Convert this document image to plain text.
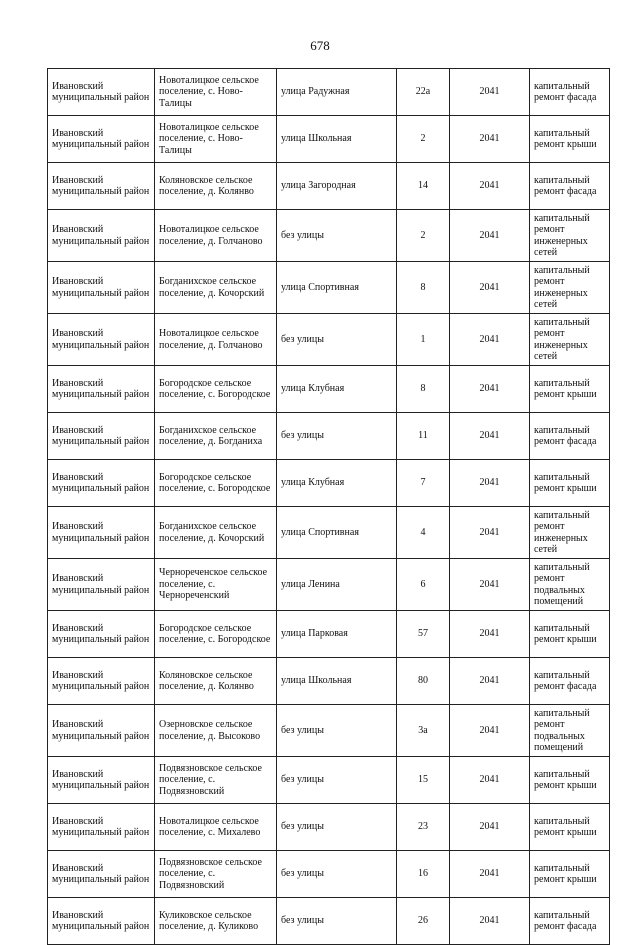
678
Ивановский муниципальный район	Новоталицкое сельское поселение, с. Ново-Талицы	улица Радужная	22а	2041	капитальный ремонт фасада
Ивановский муниципальный район	Новоталицкое сельское поселение, с. Ново-Талицы	улица Школьная	2	2041	капитальный ремонт крыши
Ивановский муниципальный район	Коляновское сельское поселение, д. Колянво	улица Загородная	14	2041	капитальный ремонт фасада
Ивановский муниципальный район	Новоталицкое сельское поселение, д. Голчаново	без улицы	2	2041	капитальный ремонт инженерных сетей
Ивановский муниципальный район	Богданихское сельское поселение, д. Кочорский	улица Спортивная	8	2041	капитальный ремонт инженерных сетей
Ивановский муниципальный район	Новоталицкое сельское поселение, д. Голчаново	без улицы	1	2041	капитальный ремонт инженерных сетей
Ивановский муниципальный район	Богородское сельское поселение, с. Богородское	улица Клубная	8	2041	капитальный ремонт крыши
Ивановский муниципальный район	Богданихское сельское поселение, д. Богданиха	без улицы	11	2041	капитальный ремонт фасада
Ивановский муниципальный район	Богородское сельское поселение, с. Богородское	улица Клубная	7	2041	капитальный ремонт крыши
Ивановский муниципальный район	Богданихское сельское поселение, д. Кочорский	улица Спортивная	4	2041	капитальный ремонт инженерных сетей
Ивановский муниципальный район	Чернореченское сельское поселение, с. Чернореченский	улица Ленина	6	2041	капитальный ремонт подвальных помещений
Ивановский муниципальный район	Богородское сельское поселение, с. Богородское	улица Парковая	57	2041	капитальный ремонт крыши
Ивановский муниципальный район	Коляновское сельское поселение, д. Колянво	улица Школьная	80	2041	капитальный ремонт фасада
Ивановский муниципальный район	Озерновское сельское поселение, д. Высоково	без улицы	3а	2041	капитальный ремонт подвальных помещений
Ивановский муниципальный район	Подвязновское сельское поселение, с. Подвязновский	без улицы	15	2041	капитальный ремонт крыши
Ивановский муниципальный район	Новоталицкое сельское поселение, с. Михалево	без улицы	23	2041	капитальный ремонт крыши
Ивановский муниципальный район	Подвязновское сельское поселение, с. Подвязновский	без улицы	16	2041	капитальный ремонт крыши
Ивановский муниципальный район	Куликовское сельское поселение, д. Куликово	без улицы	26	2041	капитальный ремонт фасада
